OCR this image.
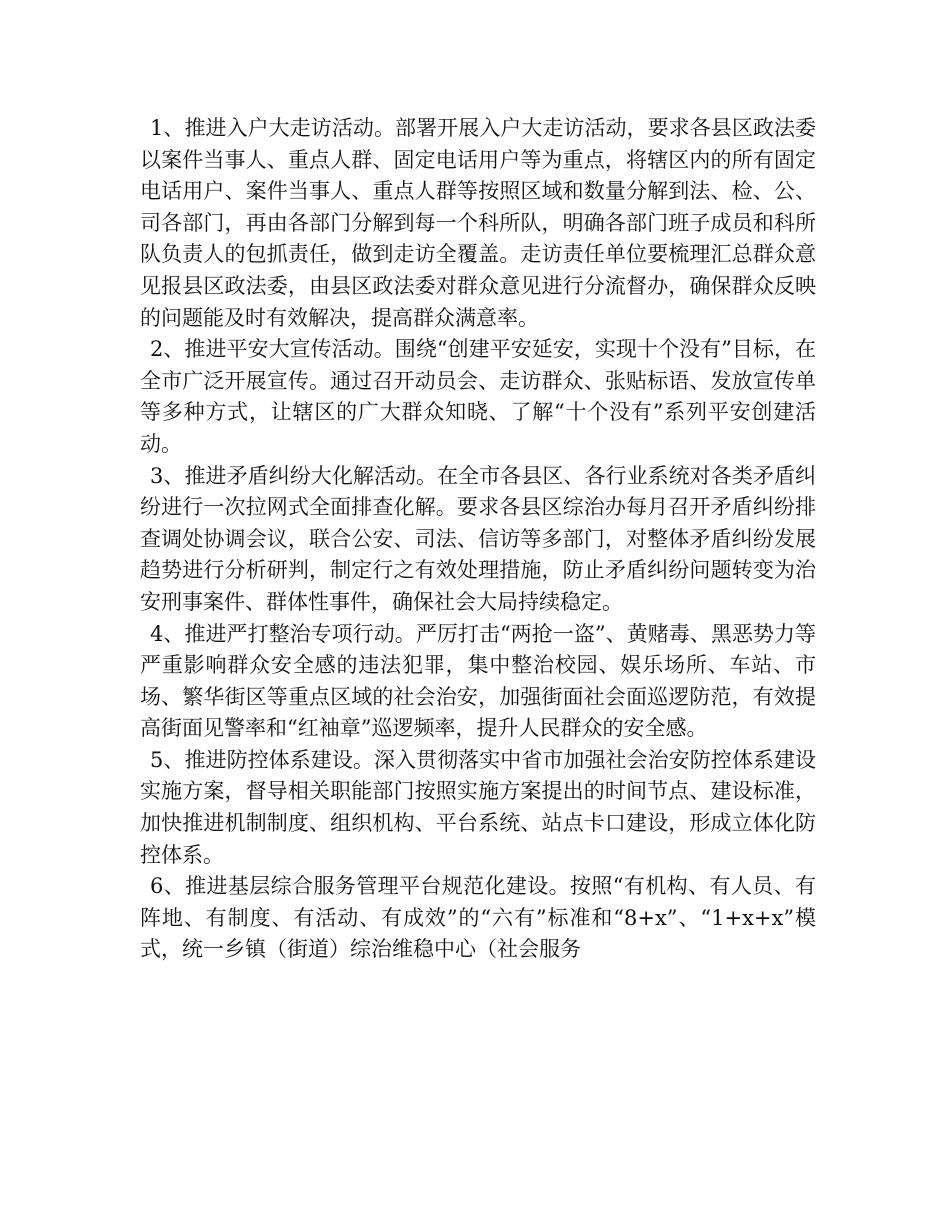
1、推进入户大走访活动。部署开展入户大走访活动，要求各县区政法委以案件当事人、重点人群、固定电话用户等为重点，将辖区内的所有固定电话用户、案件当事人、重点人群等按照区域和数量分解到法、检、公、司各部门，再由各部门分解到每一个科所队，明确各部门班子成员和科所队负责人的包抓责任，做到走访全覆盖。走访责任单位要梳理汇总群众意见报县区政法委，由县区政法委对群众意见进行分流督办，确保群众反映的问题能及时有效解决，提高群众满意率。

2、推进平安大宣传活动。围绕“创建平安延安，实现十个没有”目标，在全市广泛开展宣传。通过召开动员会、走访群众、张贴标语、发放宣传单等多种方式，让辖区的广大群众知晓、了解“十个没有”系列平安创建活动。

3、推进矛盾纠纷大化解活动。在全市各县区、各行业系统对各类矛盾纠纷进行一次拉网式全面排查化解。要求各县区综治办每月召开矛盾纠纷排查调处协调会议，联合公安、司法、信访等多部门，对整体矛盾纠纷发展趋势进行分析研判，制定行之有效处理措施，防止矛盾纠纷问题转变为治安刑事案件、群体性事件，确保社会大局持续稳定。

4、推进严打整治专项行动。严厉打击“两抢一盗”、黄赌毒、黑恶势力等严重影响群众安全感的违法犯罪，集中整治校园、娱乐场所、车站、市场、繁华街区等重点区域的社会治安，加强街面社会面巡逻防范，有效提高街面见警率和“红袖章”巡逻频率，提升人民群众的安全感。

5、推进防控体系建设。深入贯彻落实中省市加强社会治安防控体系建设实施方案，督导相关职能部门按照实施方案提出的时间节点、建设标准，加快推进机制制度、组织机构、平台系统、站点卡口建设，形成立体化防控体系。

6、推进基层综合服务管理平台规范化建设。按照“有机构、有人员、有阵地、有制度、有活动、有成效”的“六有”标准和“8+x”、“1+x+x”模式，统一乡镇（街道）综治维稳中心（社会服务
